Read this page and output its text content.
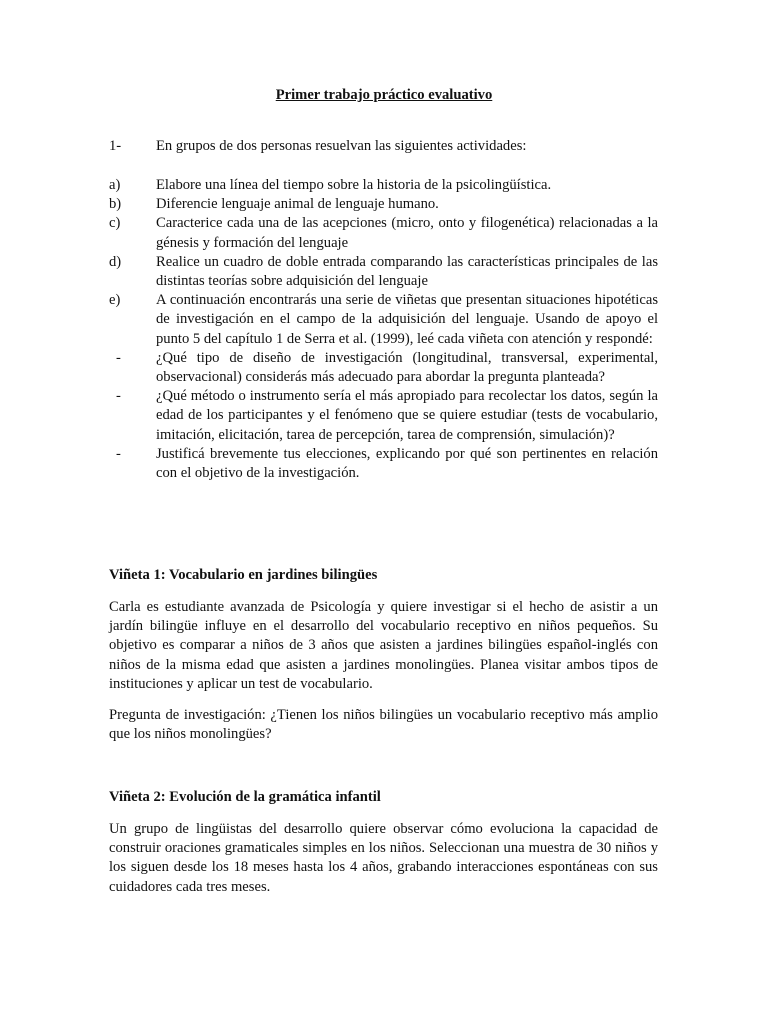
Primer trabajo práctico evaluativo
1-	En grupos de dos personas resuelvan las siguientes actividades:
a)	Elabore una línea del tiempo sobre la historia de la psicolingüística.
b)	Diferencie lenguaje animal de lenguaje humano.
c)	Caracterice cada una de las acepciones (micro, onto y filogenética) relacionadas a la génesis y formación del lenguaje
d)	Realice un cuadro de doble entrada comparando las características principales de las distintas teorías sobre adquisición del lenguaje
e)	A continuación encontrarás una serie de viñetas que presentan situaciones hipotéticas de investigación en el campo de la adquisición del lenguaje. Usando de apoyo el punto 5 del capítulo 1 de Serra et al. (1999), leé cada viñeta con atención y respondé:
-	¿Qué tipo de diseño de investigación (longitudinal, transversal, experimental, observacional) considerás más adecuado para abordar la pregunta planteada?
-	¿Qué método o instrumento sería el más apropiado para recolectar los datos, según la edad de los participantes y el fenómeno que se quiere estudiar (tests de vocabulario, imitación, elicitación, tarea de percepción, tarea de comprensión, simulación)?
-	Justificá brevemente tus elecciones, explicando por qué son pertinentes en relación con el objetivo de la investigación.
Viñeta 1: Vocabulario en jardines bilingües

Carla es estudiante avanzada de Psicología y quiere investigar si el hecho de asistir a un jardín bilingüe influye en el desarrollo del vocabulario receptivo en niños pequeños. Su objetivo es comparar a niños de 3 años que asisten a jardines bilingües español-inglés con niños de la misma edad que asisten a jardines monolingües. Planea visitar ambos tipos de instituciones y aplicar un test de vocabulario.

Pregunta de investigación: ¿Tienen los niños bilingües un vocabulario receptivo más amplio que los niños monolingües?

Viñeta 2: Evolución de la gramática infantil

Un grupo de lingüistas del desarrollo quiere observar cómo evoluciona la capacidad de construir oraciones gramaticales simples en los niños. Seleccionan una muestra de 30 niños y los siguen desde los 18 meses hasta los 4 años, grabando interacciones espontáneas con sus cuidadores cada tres meses.
